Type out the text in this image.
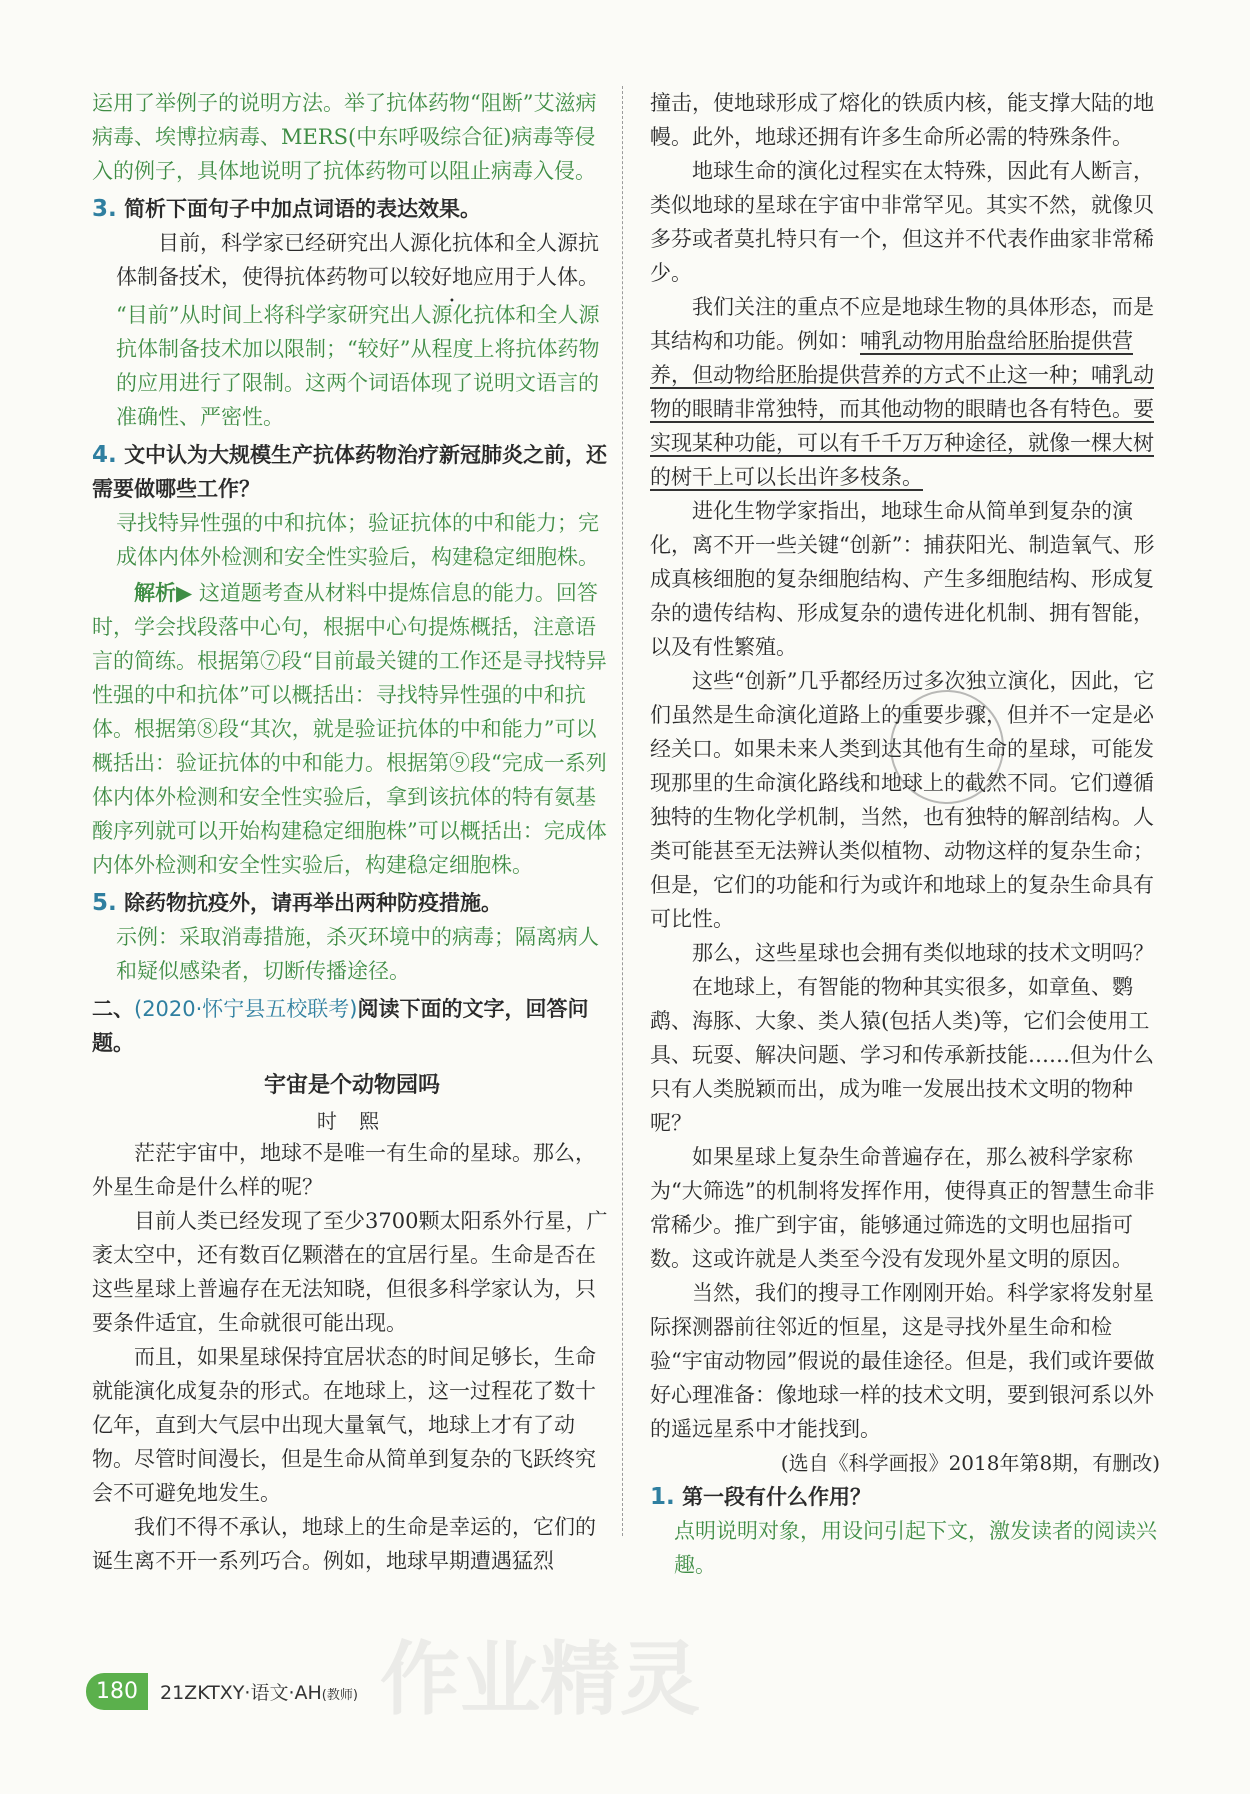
运用了举例子的说明方法。举了抗体药物“阻断”艾滋病病毒、埃博拉病毒、MERS(中东呼吸综合征)病毒等侵入的例子，具体地说明了抗体药物可以阻止病毒入侵。

3. 简析下面句子中加点词语的表达效果。

目前，科学家已经研究出人源化抗体和全人源抗体制备技术，使得抗体药物可以较好地应用于人体。

“目前”从时间上将科学家研究出人源化抗体和全人源抗体制备技术加以限制；“较好”从程度上将抗体药物的应用进行了限制。这两个词语体现了说明文语言的准确性、严密性。

4. 文中认为大规模生产抗体药物治疗新冠肺炎之前，还需要做哪些工作？

寻找特异性强的中和抗体；验证抗体的中和能力；完成体内体外检测和安全性实验后，构建稳定细胞株。

解析▶ 这道题考查从材料中提炼信息的能力。回答时，学会找段落中心句，根据中心句提炼概括，注意语言的简练。根据第⑦段“目前最关键的工作还是寻找特异性强的中和抗体”可以概括出：寻找特异性强的中和抗体。根据第⑧段“其次，就是验证抗体的中和能力”可以概括出：验证抗体的中和能力。根据第⑨段“完成一系列体内体外检测和安全性实验后，拿到该抗体的特有氨基酸序列就可以开始构建稳定细胞株”可以概括出：完成体内体外检测和安全性实验后，构建稳定细胞株。

5. 除药物抗疫外，请再举出两种防疫措施。

示例：采取消毒措施，杀灭环境中的病毒；隔离病人和疑似感染者，切断传播途径。

二、(2020·怀宁县五校联考)阅读下面的文字，回答问题。

宇宙是个动物园吗

时 熙

茫茫宇宙中，地球不是唯一有生命的星球。那么，外星生命是什么样的呢？

目前人类已经发现了至少3700颗太阳系外行星，广袤太空中，还有数百亿颗潜在的宜居行星。生命是否在这些星球上普遍存在无法知晓，但很多科学家认为，只要条件适宜，生命就很可能出现。

而且，如果星球保持宜居状态的时间足够长，生命就能演化成复杂的形式。在地球上，这一过程花了数十亿年，直到大气层中出现大量氧气，地球上才有了动物。尽管时间漫长，但是生命从简单到复杂的飞跃终究会不可避免地发生。

我们不得不承认，地球上的生命是幸运的，它们的诞生离不开一系列巧合。例如，地球早期遭遇猛烈

撞击，使地球形成了熔化的铁质内核，能支撑大陆的地幔。此外，地球还拥有许多生命所必需的特殊条件。

地球生命的演化过程实在太特殊，因此有人断言，类似地球的星球在宇宙中非常罕见。其实不然，就像贝多芬或者莫扎特只有一个，但这并不代表作曲家非常稀少。

我们关注的重点不应是地球生物的具体形态，而是其结构和功能。例如：哺乳动物用胎盘给胚胎提供营养，但动物给胚胎提供营养的方式不止这一种；哺乳动物的眼睛非常独特，而其他动物的眼睛也各有特色。要实现某种功能，可以有千千万万种途径，就像一棵大树的树干上可以长出许多枝条。

进化生物学家指出，地球生命从简单到复杂的演化，离不开一些关键“创新”：捕获阳光、制造氧气、形成真核细胞的复杂细胞结构、产生多细胞结构、形成复杂的遗传结构、形成复杂的遗传进化机制、拥有智能，以及有性繁殖。

这些“创新”几乎都经历过多次独立演化，因此，它们虽然是生命演化道路上的重要步骤，但并不一定是必经关口。如果未来人类到达其他有生命的星球，可能发现那里的生命演化路线和地球上的截然不同。它们遵循独特的生物化学机制，当然，也有独特的解剖结构。人类可能甚至无法辨认类似植物、动物这样的复杂生命；但是，它们的功能和行为或许和地球上的复杂生命具有可比性。

那么，这些星球也会拥有类似地球的技术文明吗？

在地球上，有智能的物种其实很多，如章鱼、鹦鹉、海豚、大象、类人猿(包括人类)等，它们会使用工具、玩耍、解决问题、学习和传承新技能……但为什么只有人类脱颖而出，成为唯一发展出技术文明的物种呢？

如果星球上复杂生命普遍存在，那么被科学家称为“大筛选”的机制将发挥作用，使得真正的智慧生命非常稀少。推广到宇宙，能够通过筛选的文明也屈指可数。这或许就是人类至今没有发现外星文明的原因。

当然，我们的搜寻工作刚刚开始。科学家将发射星际探测器前往邻近的恒星，这是寻找外星生命和检验“宇宙动物园”假说的最佳途径。但是，我们或许要做好心理准备：像地球一样的技术文明，要到银河系以外的遥远星系中才能找到。

(选自《科学画报》2018年第8期，有删改)

1. 第一段有什么作用？

点明说明对象，用设问引起下文，激发读者的阅读兴趣。

作业精灵
180	21ZKTXY·语文·AH(教师)
